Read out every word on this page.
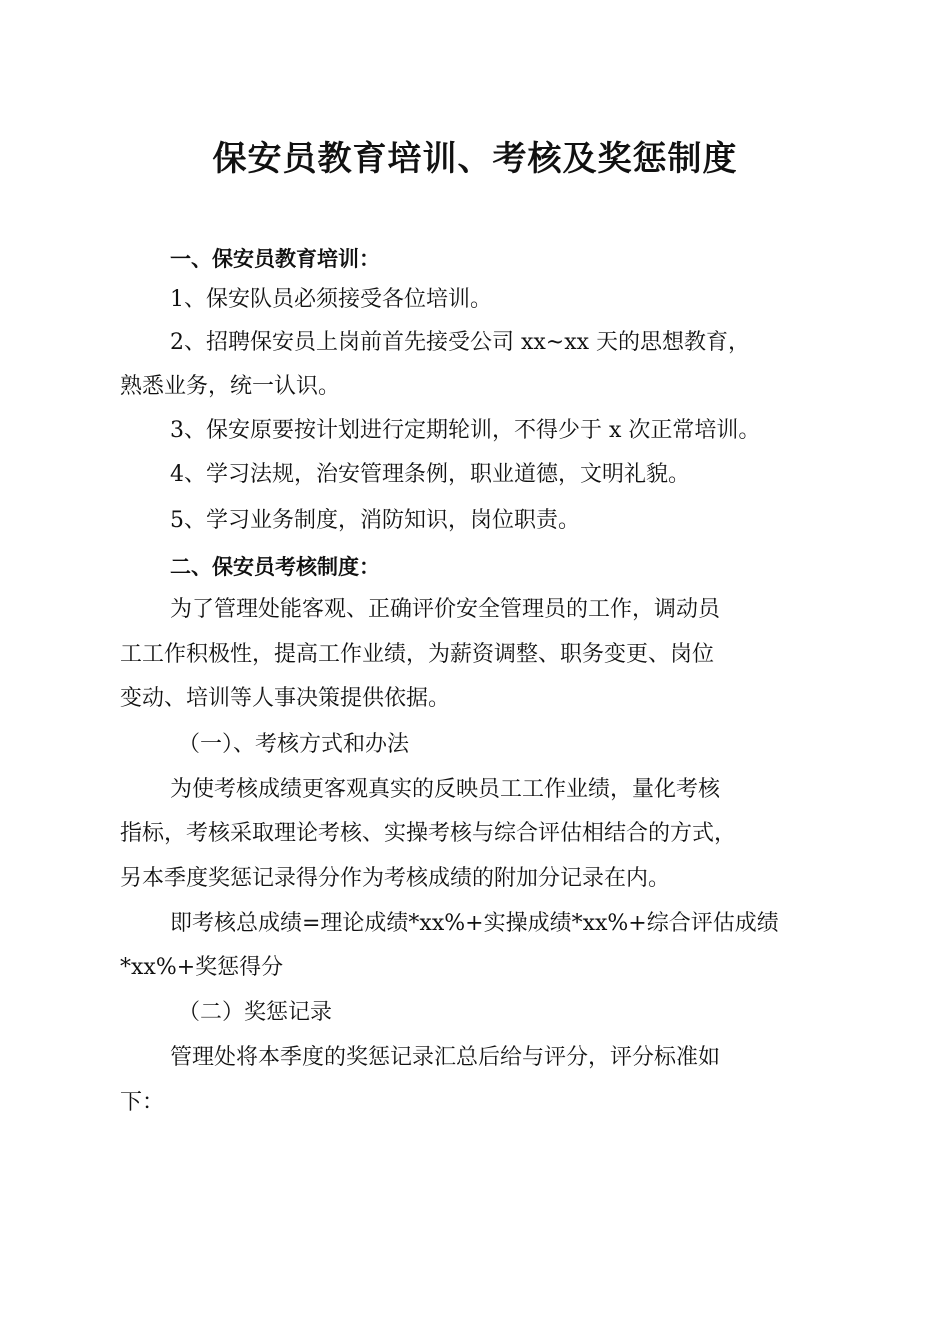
保安员教育培训、考核及奖惩制度
一、保安员教育培训：
1、保安队员必须接受各位培训。
2、招聘保安员上岗前首先接受公司 xx~xx 天的思想教育，
熟悉业务，统一认识。
3、保安原要按计划进行定期轮训，不得少于 x 次正常培训。
4、学习法规，治安管理条例，职业道德，文明礼貌。
5、学习业务制度，消防知识，岗位职责。
二、保安员考核制度：
为了管理处能客观、正确评价安全管理员的工作，调动员
工工作积极性，提高工作业绩，为薪资调整、职务变更、岗位
变动、培训等人事决策提供依据。
（一）、考核方式和办法
为使考核成绩更客观真实的反映员工工作业绩，量化考核
指标，考核采取理论考核、实操考核与综合评估相结合的方式，
另本季度奖惩记录得分作为考核成绩的附加分记录在内。
即考核总成绩=理论成绩*xx%+实操成绩*xx%+综合评估成绩
*xx%+奖惩得分
（二）奖惩记录
管理处将本季度的奖惩记录汇总后给与评分，评分标准如
下：
